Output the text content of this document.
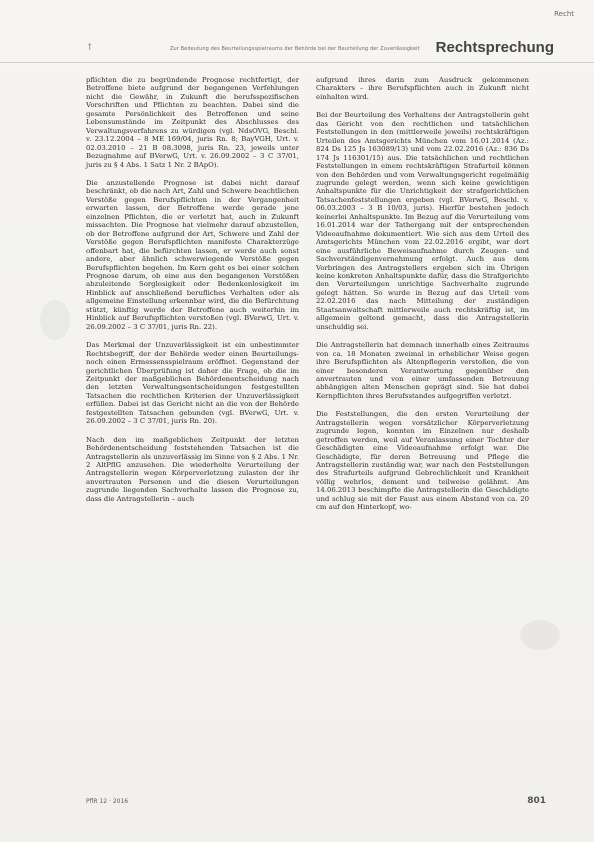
Recht
↑	Zur Bedeutung des Beurteilungsspielraums der Behörde bei der Beurteilung der Zuverlässigkeit Rechtsprechung

pflichten die zu begründende Prognose rechtfertigt, der Betroffene biete aufgrund der begangenen Verfehlungen nicht die Gewähr, in Zukunft die berufsspezifischen Vorschriften und Pflichten zu beachten. Dabei sind die gesamte Persönlichkeit des Betroffenen und seine Lebensumstände im Zeitpunkt des Abschlusses des Verwaltungsverfahrens zu würdigen (vgl. NdsOVG, Beschl. v. 23.12.2004 – 8 ME 169/04, juris Rn. 8; BayVGH, Urt. v. 02.03.2010 – 21 B 08.3098, juris Rn. 23, jeweils unter Bezugnahme auf BVerwG, Urt. v. 26.09.2002 – 3 C 37/01, juris zu § 4 Abs. 1 Satz 1 Nr. 2 BApO).

Die anzustellende Prognose ist dabei nicht darauf beschränkt, ob die nach Art, Zahl und Schwere beachtlichen Verstöße gegen Berufspflichten in der Vergangenheit erwarten lassen, der Betroffene werde gerade jene einzelnen Pflichten, die er verletzt hat, auch in Zukunft missachten. Die Prognose hat vielmehr darauf abzustellen, ob der Betroffene aufgrund der Art, Schwere und Zahl der Verstöße gegen Berufspflichten manifeste Charakterzüge offenbart hat, die befürchten lassen, er werde auch sonst andere, aber ähnlich schwerwiegende Verstöße gegen Berufspflichten begehen. Im Kern geht es bei einer solchen Prognose darum, ob eine aus den begangenen Verstößen abzuleitende Sorglosigkeit oder Bedenkenlosigkeit im Hinblick auf anschließend berufliches Verhalten oder als allgemeine Einstellung erkennbar wird, die die Befürchtung stützt, künftig werde der Betroffene auch weiterhin im Hinblick auf Berufspflichten verstoßen (vgl. BVerwG, Urt. v. 26.09.2002 – 3 C 37/01, juris Rn. 22).

Das Merkmal der Unzuverlässigkeit ist ein unbestimmter Rechtsbegriff, der der Behörde weder einen Beurteilungs- noch einen Ermessensspielraum eröffnet. Gegenstand der gerichtlichen Überprüfung ist daher die Frage, ob die im Zeitpunkt der maßgeblichen Behördenentscheidung nach den letzten Verwaltungsentscheidungen festgestellten Tatsachen die rechtlichen Kriterien der Unzuverlässigkeit erfüllen. Dabei ist das Gericht nicht an die von der Behörde festgestellten Tatsachen gebunden (vgl. BVerwG, Urt. v. 26.09.2002 – 3 C 37/01, juris Rn. 20).

Nach den im maßgeblichen Zeitpunkt der letzten Behördenentscheidung feststehenden Tatsachen ist die Antragstellerin als unzuverlässig im Sinne von § 2 Abs. 1 Nr. 2 AltPflG anzusehen. Die wiederholte Verurteilung der Antragstellerin wegen Körperverletzung zulasten der ihr anvertrauten Personen und die diesen Verurteilungen zugrunde liegenden Sachverhalte lassen die Prognose zu, dass die Antragstellerin – auch

aufgrund ihres darin zum Ausdruck gekommenen Charakters – ihre Berufspflichten auch in Zukunft nicht einhalten wird.

Bei der Beurteilung des Verhaltens der Antragstellerin geht das Gericht von den rechtlichen und tatsächlichen Feststellungen in den (mittlerweile jeweils) rechtskräftigen Urteilen des Amtsgerichts München vom 16.01.2014 (Az.: 824 Ds 125 Js 163089/13) und vom 22.02.2016 (Az.: 836 Ds 174 Js 116301/15) aus. Die tatsächlichen und rechtlichen Feststellungen in einem rechtskräftigen Strafurteil können von den Behörden und vom Verwaltungsgericht regelmäßig zugrunde gelegt werden, wenn sich keine gewichtigen Anhaltspunkte für die Unrichtigkeit der strafgerichtlichen Tatsachenfeststellungen ergeben (vgl. BVerwG, Beschl. v. 06.03.2003 – 3 B 10/03, juris). Hierfür bestehen jedoch keinerlei Anhaltspunkte. Im Bezug auf die Verurteilung vom 16.01.2014 war der Tathergang mit der entsprechenden Videoaufnahme dokumentiert. Wie sich aus dem Urteil des Amtsgerichts München vom 22.02.2016 ergibt, war dort eine ausführliche Beweisaufnahme durch Zeugen- und Sachverständigenvernehmung erfolgt. Auch aus dem Vorbringen des Antragstellers ergeben sich im Übrigen keine konkreten Anhaltspunkte dafür, dass die Strafgerichte den Verurteilungen unrichtige Sachverhalte zugrunde gelegt hätten. So wurde in Bezug auf das Urteil vom 22.02.2016 das nach Mitteilung der zuständigen Staatsanwaltschaft mittlerweile auch rechtskräftig ist, im allgemein geltend gemacht, dass die Antragstellerin unschuldig sei.

Die Antragstellerin hat demnach innerhalb eines Zeitraums von ca. 18 Monaten zweimal in erheblicher Weise gegen ihre Berufspflichten als Altenpflegerin verstoßen, die von einer besonderen Verantwortung gegenüber den anvertrauten und von einer umfassenden Betreuung abhängigen alten Menschen geprägt sind. Sie hat dabei Kernpflichten ihres Berufsstandes aufgegriffen verletzt.

Die Feststellungen, die den ersten Verurteilung der Antragstellerin wegen vorsätzlicher Körperverletzung zugrunde legen, konnten im Einzelnen nur deshalb getroffen werden, weil auf Veranlassung einer Tochter der Geschädigten eine Videoaufnahme erfolgt war. Die Geschädigte, für deren Betreuung und Pflege die Antragstellerin zuständig war, war nach den Feststellungen des Strafurteils aufgrund Gebrechlichkeit und Krankheit völlig wehrlos, dement und teilweise gelähmt. Am 14.06.2013 beschimpfte die Antragstellerin die Geschädigte und schlug sie mit der Faust aus einem Abstand von ca. 20 cm auf den Hinterkopf, wo-

PflR 12 · 2016	801
